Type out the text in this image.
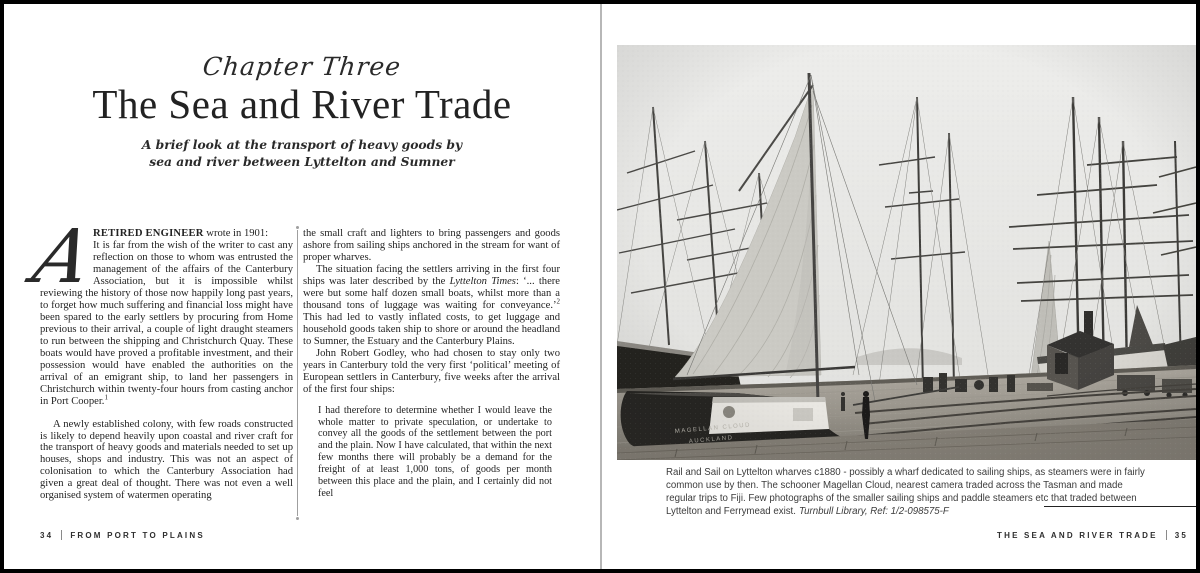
Chapter Three
The Sea and River Trade
A brief look at the transport of heavy goods by sea and river between Lyttelton and Sumner

A
RETIRED ENGINEER wrote in 1901:
It is far from the wish of the writer to cast any reflection on those to whom was entrusted the management of the affairs of the Canterbury Association, but it is impossible whilst reviewing the history of those now happily long past years, to forget how much suffering and financial loss might have been spared to the early settlers by procuring from Home previous to their arrival, a couple of light draught steamers to run between the shipping and Christchurch Quay. These boats would have proved a profitable investment, and their possession would have enabled the authorities on the arrival of an emigrant ship, to land her passengers in Christchurch within twenty-four hours from casting anchor in Port Cooper.$^1$

A newly established colony, with few roads constructed is likely to depend heavily upon coastal and river craft for the transport of heavy goods and materials needed to set up houses, shops and industry. This was not an aspect of colonisation to which the Canterbury Association had given a great deal of thought. There was not even a well organised system of watermen operating

the small craft and lighters to bring passengers and goods ashore from sailing ships anchored in the stream for want of proper wharves.

The situation facing the settlers arriving in the first four ships was later described by the Lyttelton Times: ‘... there were but some half dozen small boats, whilst more than a thousand tons of luggage was waiting for conveyance.’$^2$ This had led to vastly inflated costs, to get luggage and household goods taken ship to shore or around the headland to Sumner, the Estuary and the Canterbury Plains.

John Robert Godley, who had chosen to stay only two years in Canterbury told the very first ‘political’ meeting of European settlers in Canterbury, five weeks after the arrival of the first four ships:

I had therefore to determine whether I would leave the whole matter to private speculation, or undertake to convey all the goods of the settlement between the port and the plain. Now I have calculated, that within the next few months there will probably be a demand for the freight of at least 1,000 tons, of goods per month between this place and the plain, and I certainly did not feel
34 FROM PORT TO PLAINS
Rail and Sail on Lyttelton wharves c1880 - possibly a wharf dedicated to sailing ships, as steamers were in fairly common use by then. The schooner Magellan Cloud, nearest camera traded across the Tasman and made regular trips to Fiji. Few photographs of the smaller sailing ships and paddle steamers etc that traded between Lyttelton and Ferrymead exist. Turnbull Library, Ref: 1/2-098575-F
THE SEA AND RIVER TRADE 35
